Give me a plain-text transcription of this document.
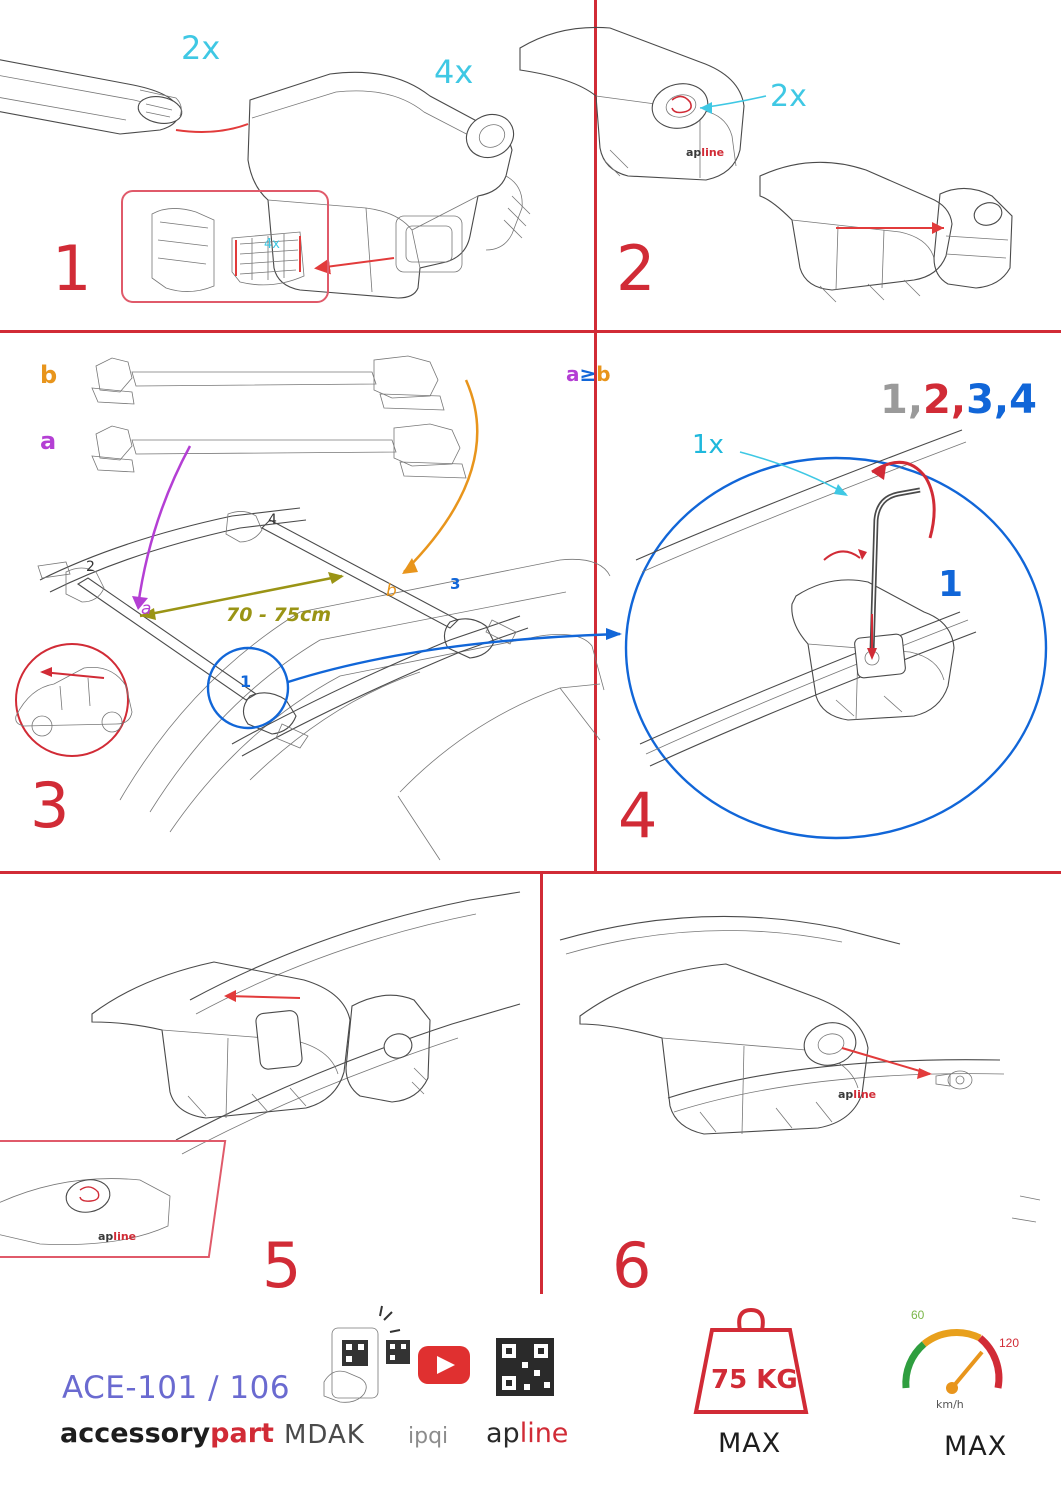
apline
apline
apline
1	2
3	4
5	6
2x
4x
4x
2x
b
a
a≥b
2
4
3
1
a
b
70 - 75cm
1x
1,2,3,4
1
ACE-101 / 106
accessorypart MDAK ipqi apline
75 KG
MAX	MAX
km/h
60
120
